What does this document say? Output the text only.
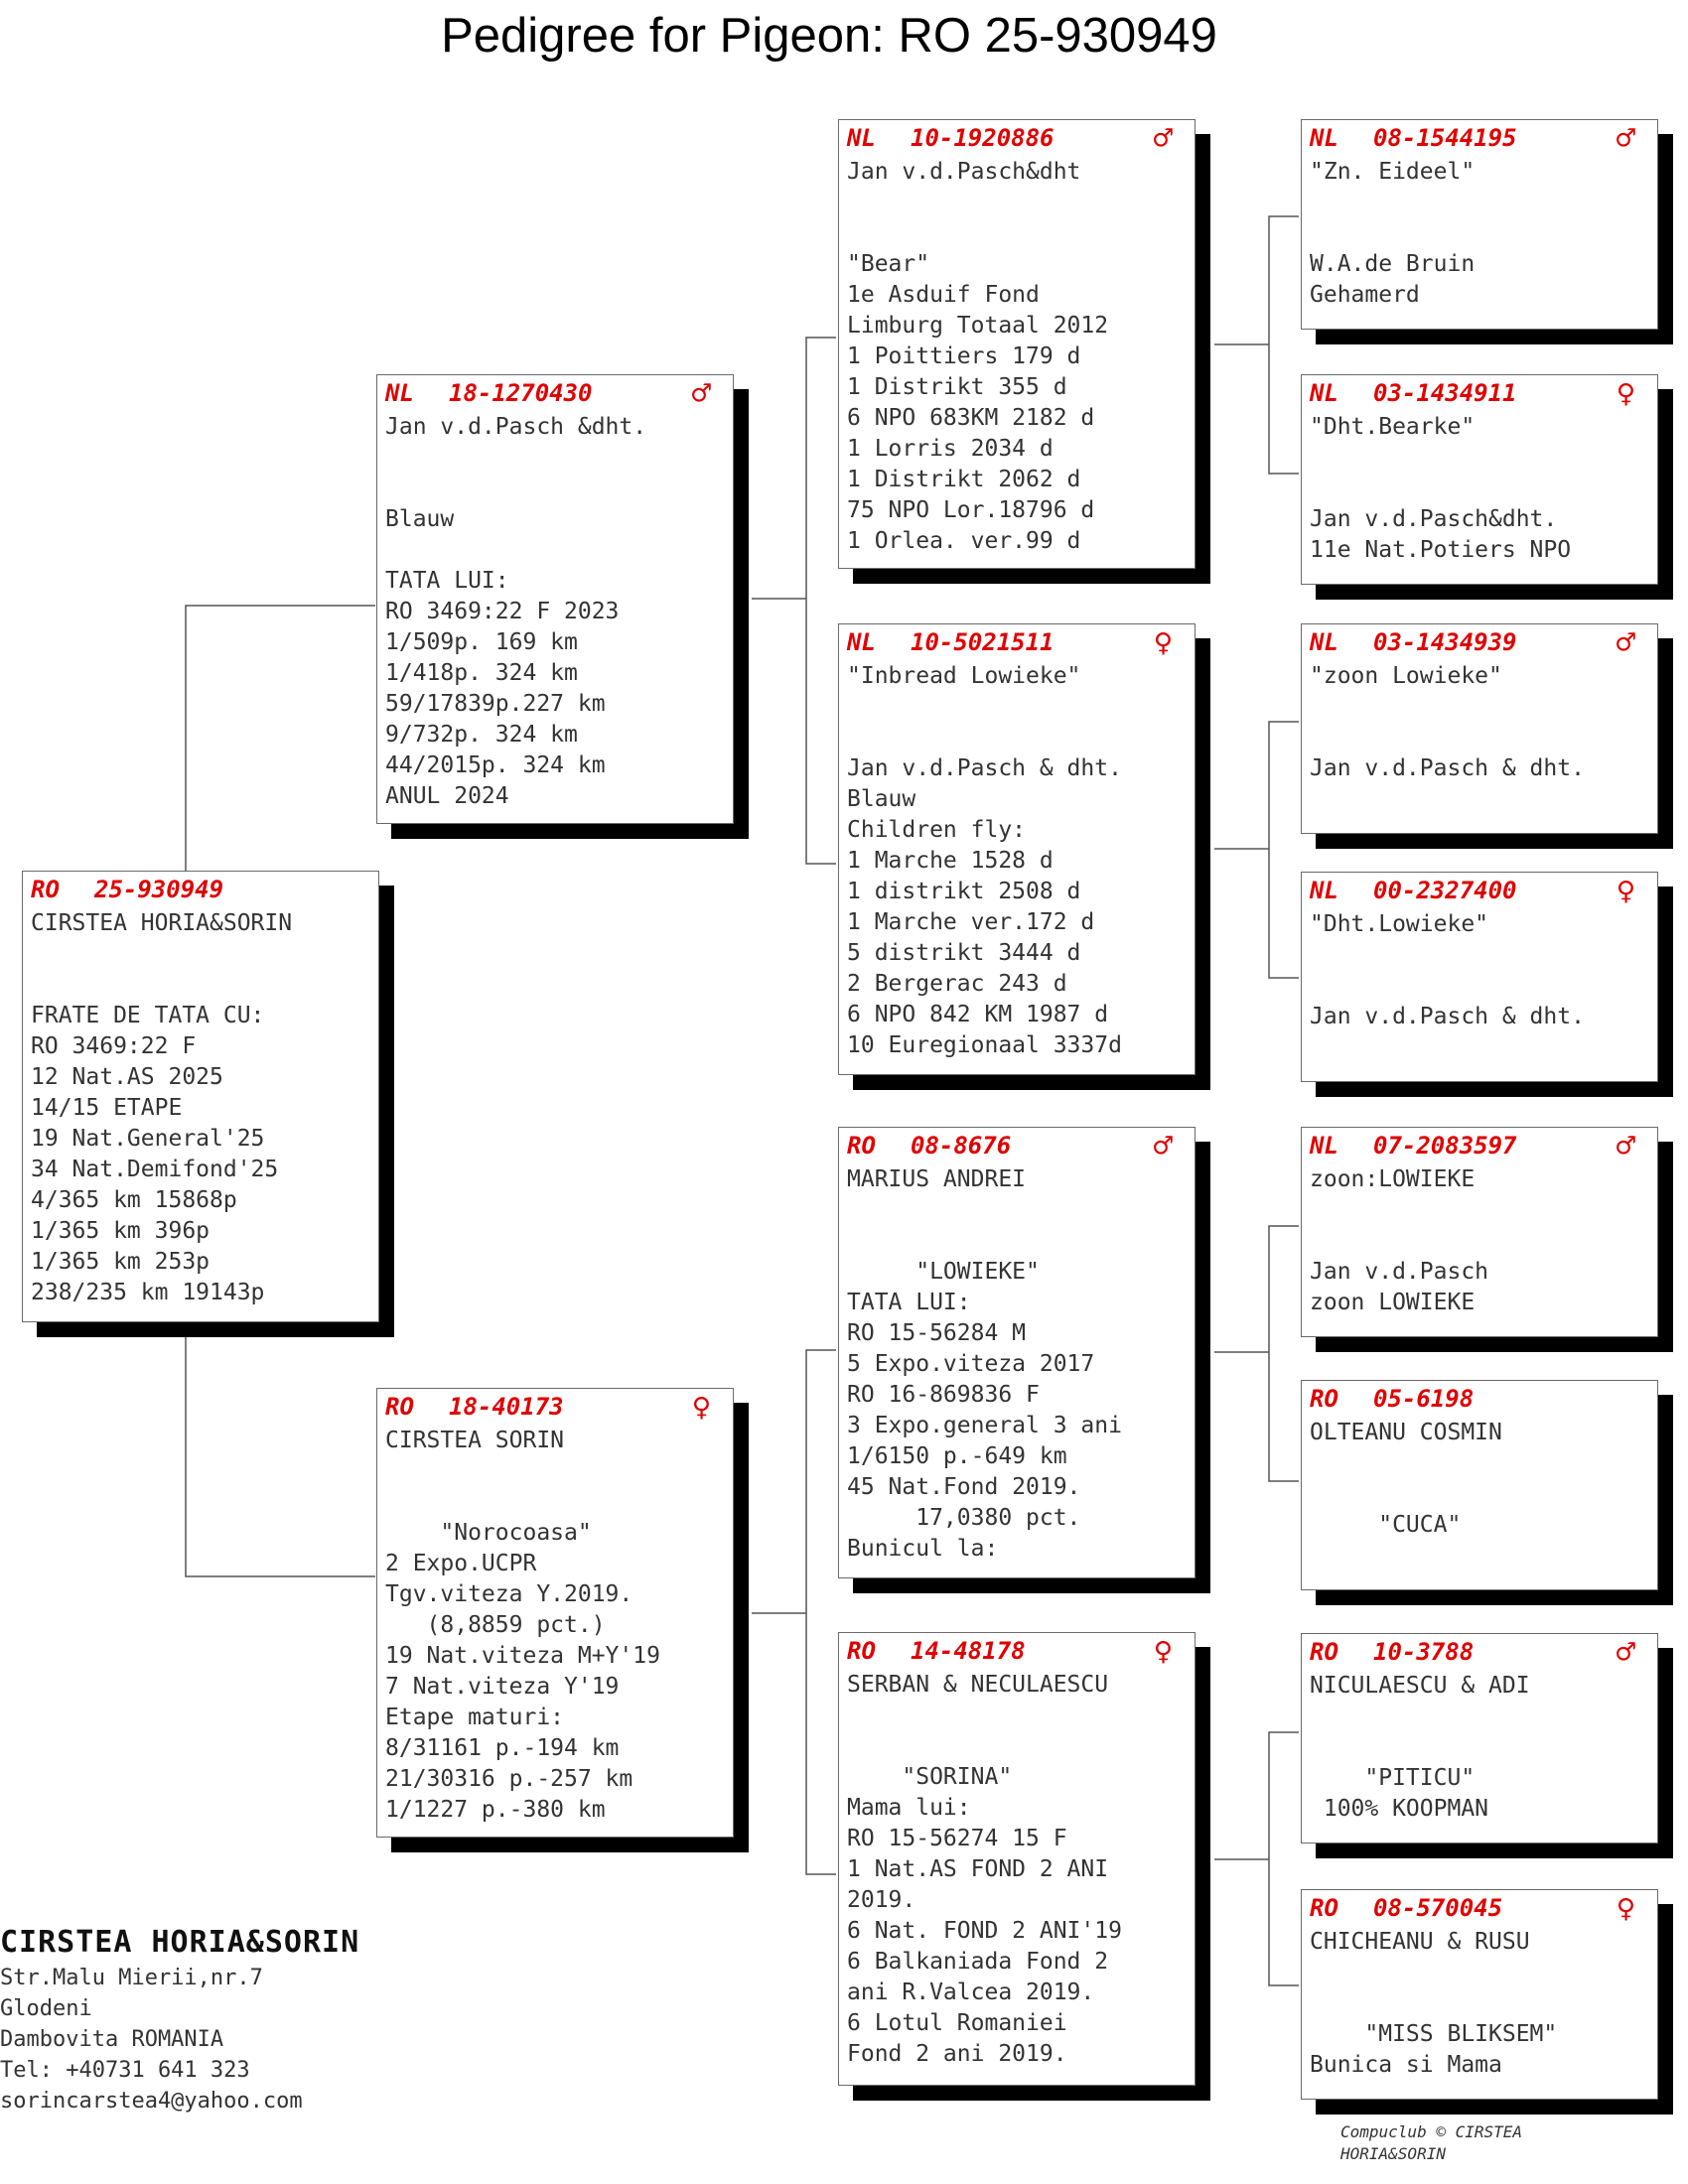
Pedigree for Pigeon: RO 25-930949
RO 25-930949
CIRSTEA HORIA&SORIN
FRATE DE TATA CU:
RO 3469:22 F
12 Nat.AS 2025
14/15 ETAPE
19 Nat.General'25
34 Nat.Demifond'25
4/365 km 15868p
1/365 km 396p
1/365 km 253p
238/235 km 19143p
NL 18-1270430	♂
Jan v.d.Pasch &dht.
Blauw
TATA LUI:
RO 3469:22 F 2023
1/509p. 169 km
1/418p. 324 km
59/17839p.227 km
9/732p. 324 km
44/2015p. 324 km
ANUL 2024
RO 18-40173	♀
CIRSTEA SORIN
"Norocoasa"
2 Expo.UCPR
Tgv.viteza Y.2019.
(8,8859 pct.)
19 Nat.viteza M+Y'19
7 Nat.viteza Y'19
Etape maturi:
8/31161 p.-194 km
21/30316 p.-257 km
1/1227 p.-380 km
NL 10-1920886	♂
Jan v.d.Pasch&dht
"Bear"
1e Asduif Fond
Limburg Totaal 2012
1 Poittiers 179 d
1 Distrikt 355 d
6 NPO 683KM 2182 d
1 Lorris 2034 d
1 Distrikt 2062 d
75 NPO Lor.18796 d
1 Orlea. ver.99 d
NL 10-5021511	♀
"Inbread Lowieke"
Jan v.d.Pasch & dht.
Blauw
Children fly:
1 Marche 1528 d
1 distrikt 2508 d
1 Marche ver.172 d
5 distrikt 3444 d
2 Bergerac 243 d
6 NPO 842 KM 1987 d
10 Euregionaal 3337d
RO 08-8676	♂
MARIUS ANDREI
"LOWIEKE"
TATA LUI:
RO 15-56284 M
5 Expo.viteza 2017
RO 16-869836 F
3 Expo.general 3 ani
1/6150 p.-649 km
45 Nat.Fond 2019.
17,0380 pct.
Bunicul la:
RO 14-48178	♀
SERBAN & NECULAESCU
"SORINA"
Mama lui:
RO 15-56274 15 F
1 Nat.AS FOND 2 ANI
2019.
6 Nat. FOND 2 ANI'19
6 Balkaniada Fond 2
ani R.Valcea 2019.
6 Lotul Romaniei
Fond 2 ani 2019.
NL 08-1544195	♂
"Zn. Eideel"
W.A.de Bruin
Gehamerd
NL 03-1434911	♀
"Dht.Bearke"
Jan v.d.Pasch&dht.
11e Nat.Potiers NPO
NL 03-1434939	♂
"zoon Lowieke"
Jan v.d.Pasch & dht.
NL 00-2327400	♀
"Dht.Lowieke"
Jan v.d.Pasch & dht.
NL 07-2083597	♂
zoon:LOWIEKE
Jan v.d.Pasch
zoon LOWIEKE
RO 05-6198
OLTEANU COSMIN
"CUCA"
RO 10-3788	♂
NICULAESCU & ADI
"PITICU"
100% KOOPMAN
RO 08-570045	♀
CHICHEANU & RUSU
"MISS BLIKSEM"
Bunica si Mama
CIRSTEA HORIA&SORIN
Str.Malu Mierii,nr.7
Glodeni
Dambovita ROMANIA
Tel: +40731 641 323
sorincarstea4@yahoo.com
Compuclub © CIRSTEA
HORIA&SORIN
